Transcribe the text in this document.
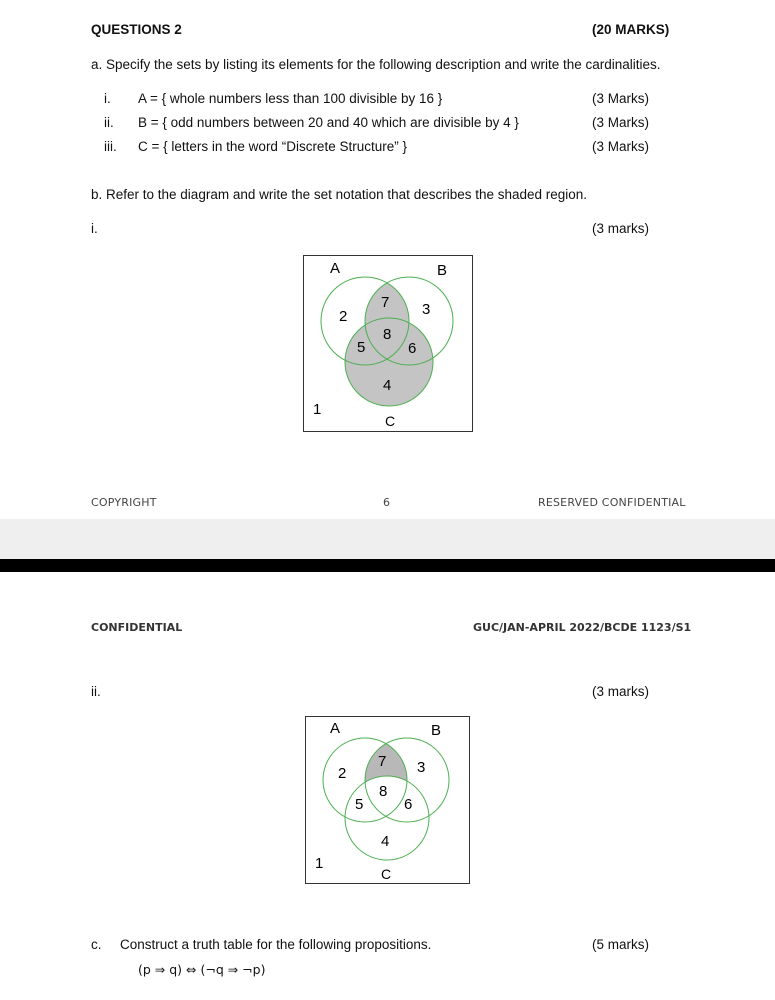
QUESTIONS 2	(20 MARKS)
a. Specify the sets by listing its elements for the following description and write the cardinalities.
i. A = { whole numbers less than 100 divisible by 16 }	(3 Marks)
ii. B = { odd numbers between 20 and 40 which are divisible by 4 }	(3 Marks)
iii. C = { letters in the word “Discrete Structure” }	(3 Marks)
b. Refer to the diagram and write the set notation that describes the shaded region.
i.	(3 marks)
A	B
C
2
7 3
8
5	6
4
1
COPYRIGHT	6	RESERVED CONFIDENTIAL
CONFIDENTIAL	GUC/JAN-APRIL 2022/BCDE 1123/S1
ii.	(3 marks)
A	B
C
2
7 3
8
5	6
4
1
c. Construct a truth table for the following propositions.	(5 marks)
(p ⇒ q) ⇔ (¬q ⇒ ¬p)
